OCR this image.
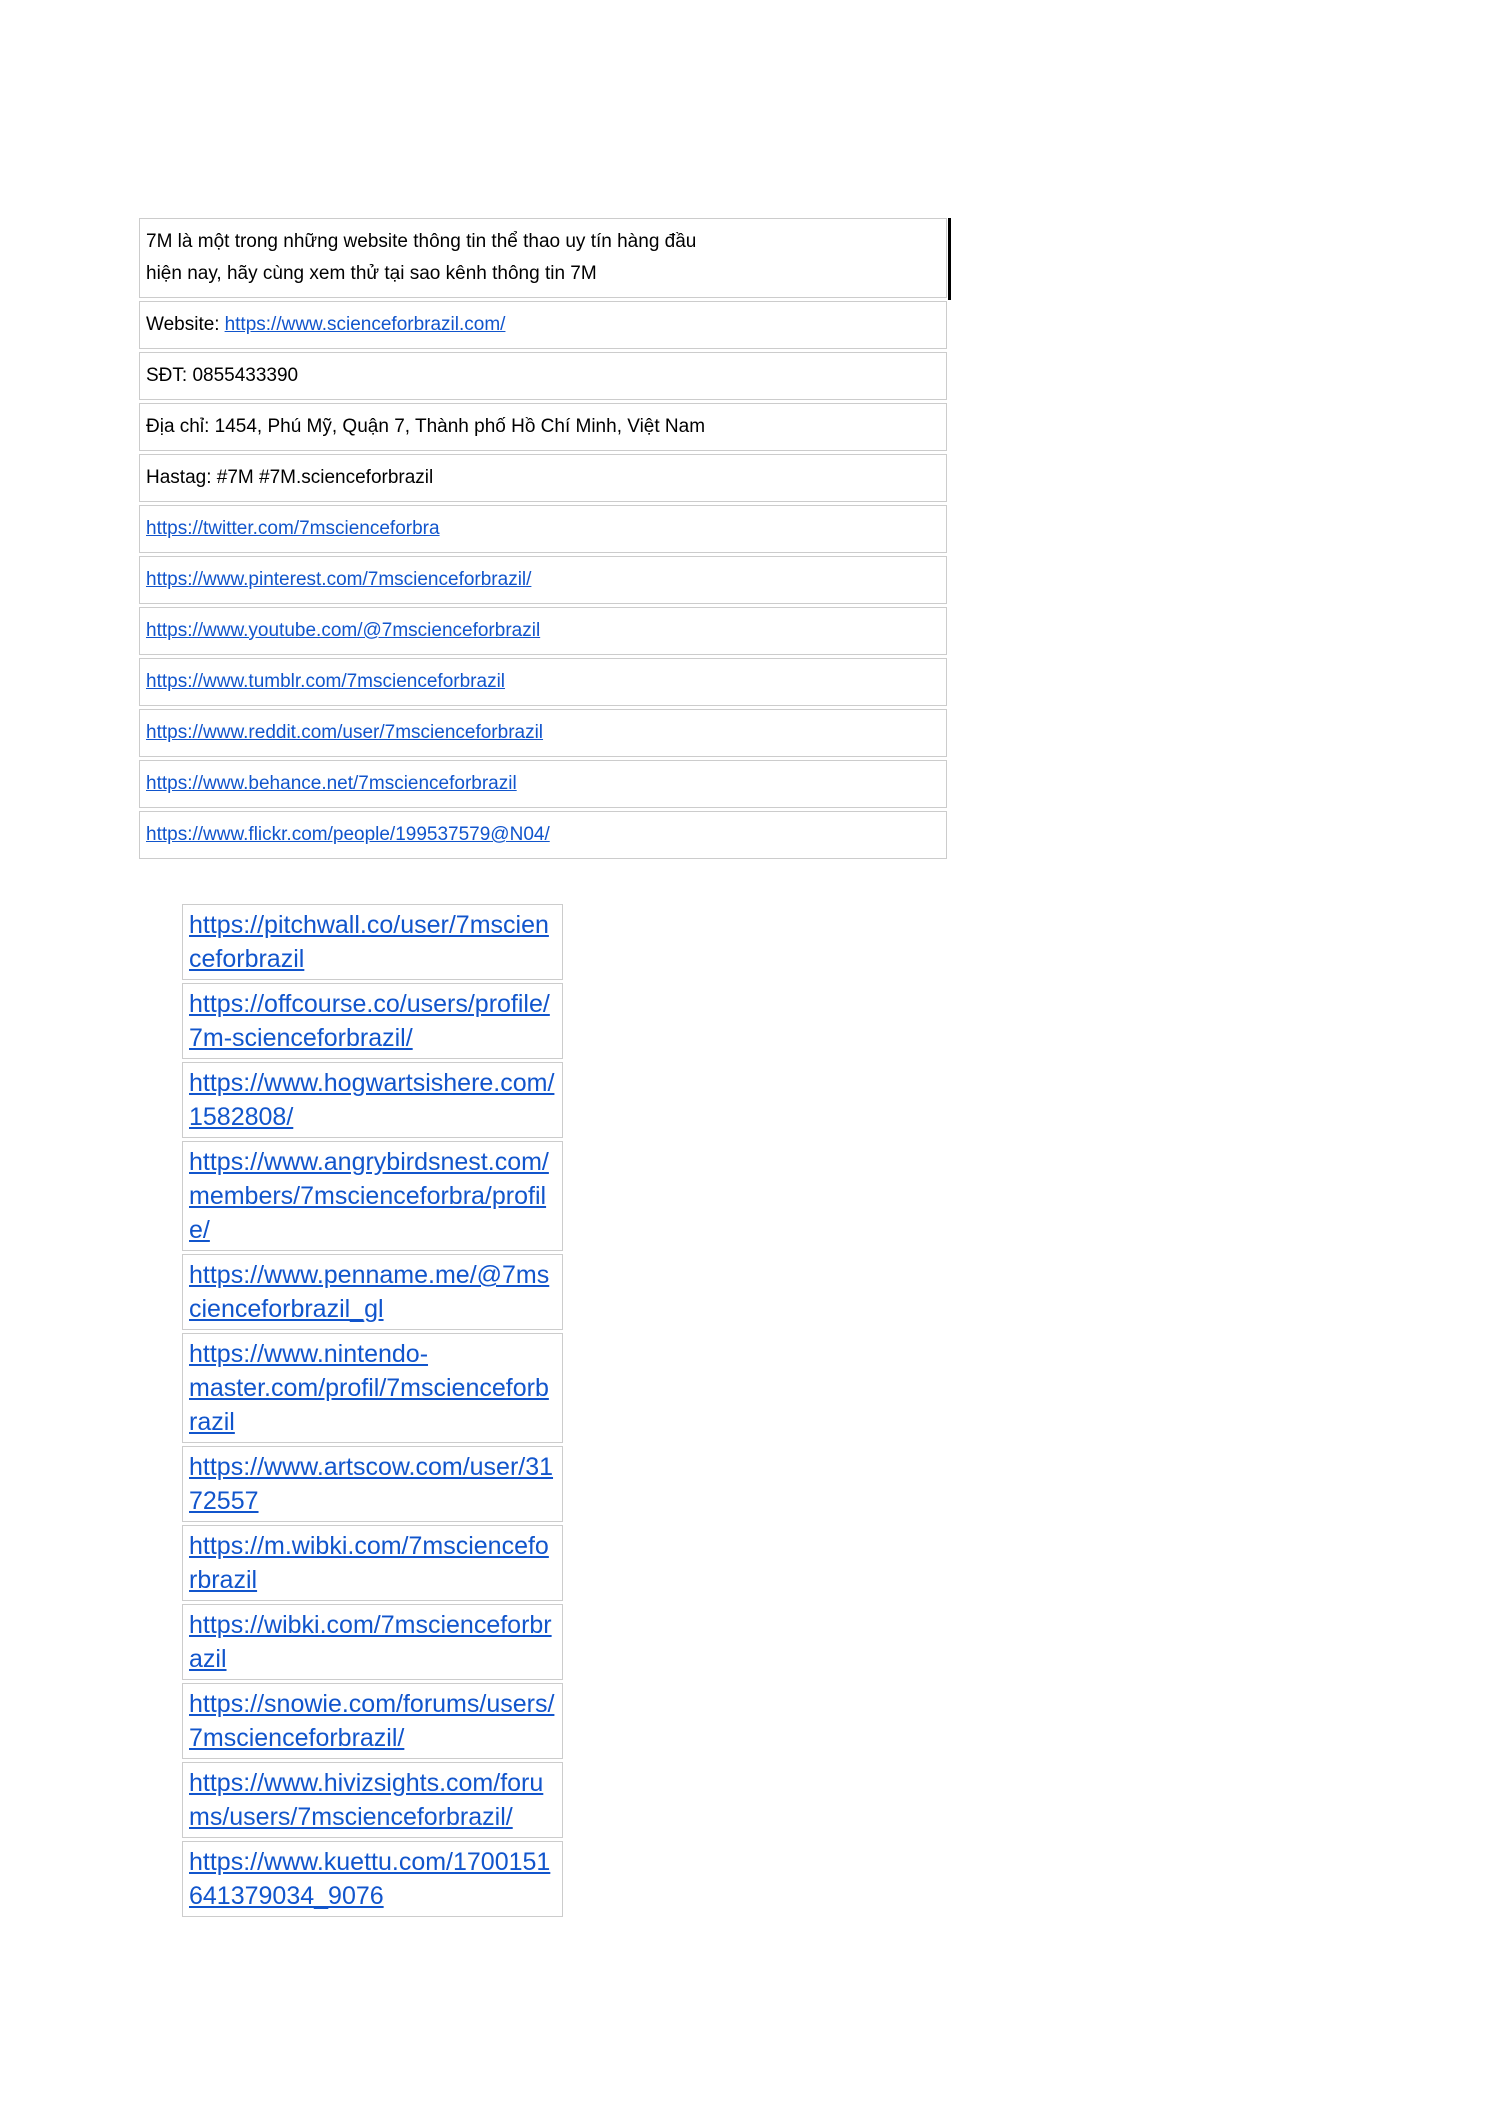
7M là một trong những website thông tin thể thao uy tín hàng đầu
hiện nay, hãy cùng xem thử tại sao kênh thông tin 7M
Website: https://www.scienceforbrazil.com/
SĐT: 0855433390
Địa chỉ: 1454, Phú Mỹ, Quận 7, Thành phố Hồ Chí Minh, Việt Nam
Hastag: #7M #7M.scienceforbrazil
https://twitter.com/7mscienceforbra
https://www.pinterest.com/7mscienceforbrazil/
https://www.youtube.com/@7mscienceforbrazil
https://www.tumblr.com/7mscienceforbrazil
https://www.reddit.com/user/7mscienceforbrazil
https://www.behance.net/7mscienceforbrazil
https://www.flickr.com/people/199537579@N04/
https://pitchwall.co/user/7mscienceforbrazil
https://offcourse.co/users/profile/7m-scienceforbrazil/
https://www.hogwartsishere.com/1582808/
https://www.angrybirdsnest.com/members/7mscienceforbra/profile/
https://www.penname.me/@7mscienceforbrazil_gl
https://www.nintendo-master.com/profil/7mscienceforbrazil
https://www.artscow.com/user/3172557
https://m.wibki.com/7mscienceforbrazil
https://wibki.com/7mscienceforbrazil
https://snowie.com/forums/users/7mscienceforbrazil/
https://www.hivizsights.com/forums/users/7mscienceforbrazil/
https://www.kuettu.com/1700151641379034_9076
